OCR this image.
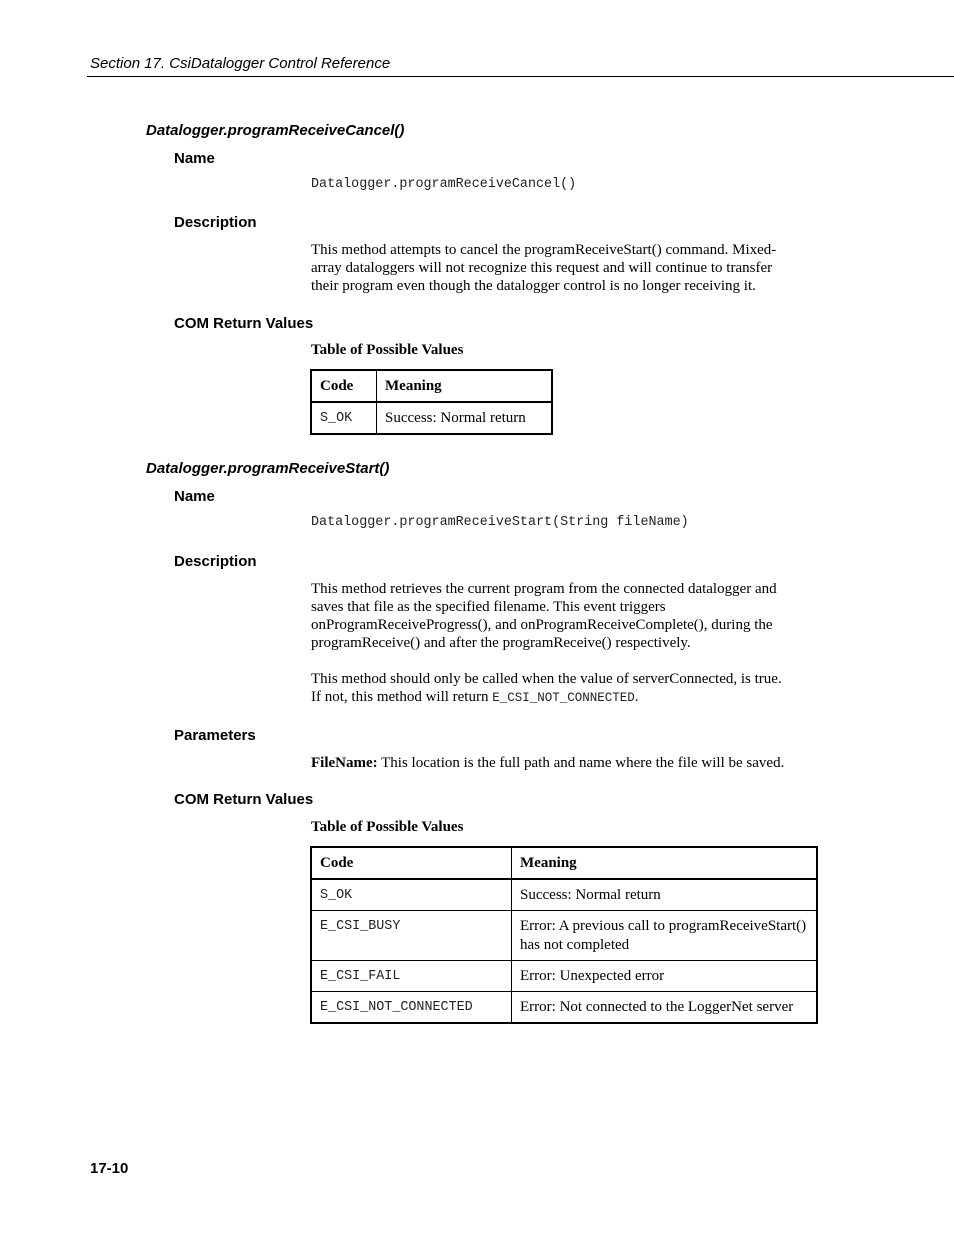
Section 17. CsiDatalogger Control Reference
Datalogger.programReceiveCancel()
Name
Datalogger.programReceiveCancel()
Description
This method attempts to cancel the programReceiveStart() command. Mixed-
array dataloggers will not recognize this request and will continue to transfer
their program even though the datalogger control is no longer receiving it.
COM Return Values
Table of Possible Values
Code	Meaning
S_OK	Success: Normal return
Datalogger.programReceiveStart()
Name
Datalogger.programReceiveStart(String fileName)
Description
This method retrieves the current program from the connected datalogger and
saves that file as the specified filename. This event triggers
onProgramReceiveProgress(), and onProgramReceiveComplete(), during the
programReceive() and after the programReceive() respectively.
This method should only be called when the value of serverConnected, is true.
If not, this method will return E_CSI_NOT_CONNECTED.
Parameters
FileName: This location is the full path and name where the file will be saved.
COM Return Values
Table of Possible Values
Code	Meaning
S_OK	Success: Normal return
E_CSI_BUSY	Error: A previous call to programReceiveStart() has not completed
E_CSI_FAIL	Error: Unexpected error
E_CSI_NOT_CONNECTED	Error: Not connected to the LoggerNet server
17-10
